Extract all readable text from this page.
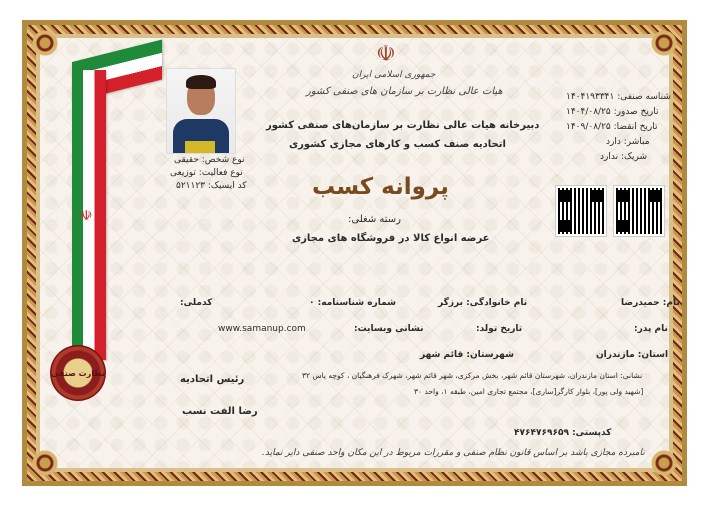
☫
نظارت صنفی
نوع شخص: حقیقی
نوع فعالیت: توزیعی
کد ایسیک: ۵۲۱۱۲۳
☫
جمهوری اسلامی ایران
هیات عالی نظارت بر سازمان های صنفی کشور
دبیرخانه هیات عالی نظارت بر سازمان‌های صنفی کشور
اتحادیه صنف کسب و کارهای مجازی کشوری
پروانه کسب
رسته شغلی:
عرضه انواع کالا در فروشگاه های مجازی
شناسه صنفی: ۱۴۰۴۱۹۳۳۴۱
تاریخ صدور: ۱۴۰۴/۰۸/۲۵
تاریخ انقضا: ۱۴۰۹/۰۸/۲۵
مباشر: دارد
شریک: ندارد
نام: حمیدرضا
نام خانوادگی: برزگر
شماره شناسنامه: ۰
کدملی:
نام پدر:
تاریخ تولد:
نشانی وبسایت:
www.samanup.com
استان: مازندران
شهرستان: قائم شهر
رئیس اتحادیه	نشانی: استان مازندران، شهرستان قائم شهر، بخش مرکزی، شهر قائم شهر، شهرک فرهنگیان ، کوچه یاس ۳۲
[شهید ولی پور]، بلوار کارگر[ساری]، مجتمع تجاری امین، طبقه ۱، واحد ۳۰
رضا الفت نسب
کدپستی: ۴۷۶۴۷۶۹۶۵۹
نامبرده مجازی باشد بر اساس قانون نظام صنفی و مقررات مربوط در این مکان واحد صنفی دایر نماید.
